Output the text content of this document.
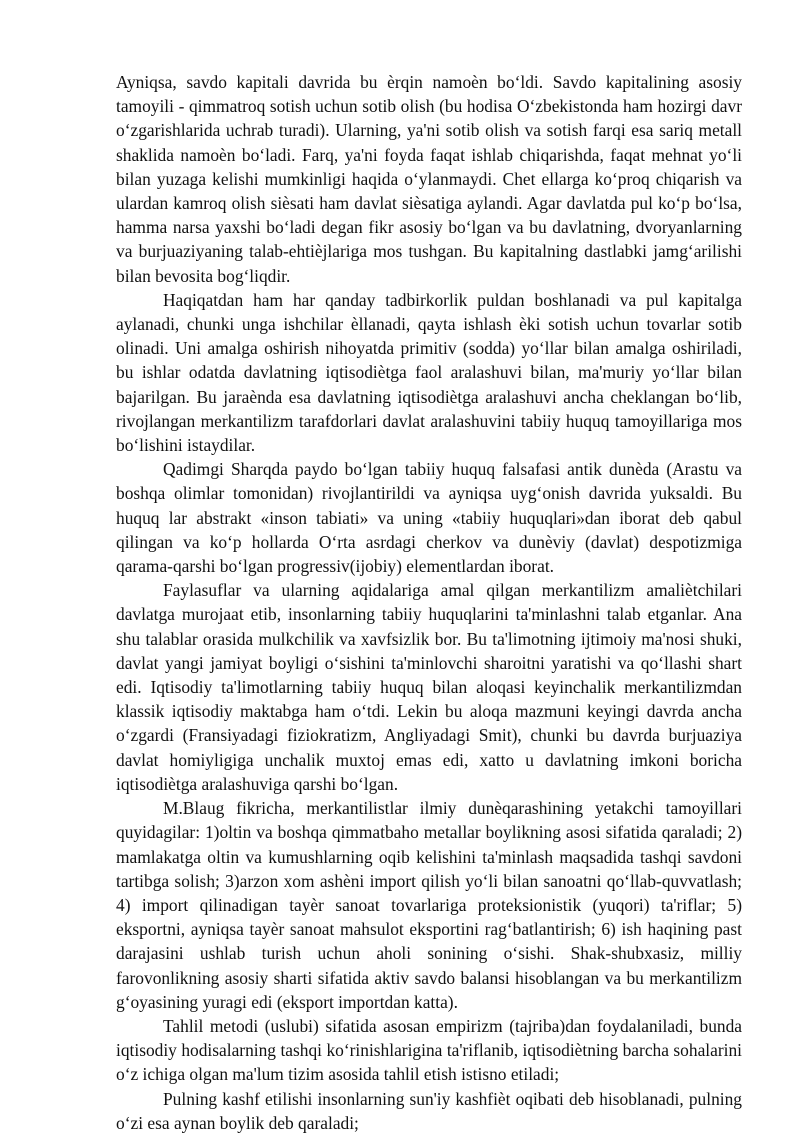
Ayniqsa, savdo kapitali davrida bu èrqin namoèn bo‘ldi. Savdo kapitalining asosiy tamoyili - qimmatroq sotish uchun sotib olish (bu hodisa O‘zbekistonda ham hozirgi davr o‘zgarishlarida uchrab turadi). Ularning, ya'ni sotib olish va sotish farqi esa sariq metall shaklida namoèn bo‘ladi. Farq, ya'ni foyda faqat ishlab chiqarishda, faqat mehnat yo‘li bilan yuzaga kelishi mumkinligi haqida o‘ylanmaydi. Chet ellarga ko‘proq chiqarish va ulardan kamroq olish sièsati ham davlat sièsatiga aylandi. Agar davlatda pul ko‘p bo‘lsa, hamma narsa yaxshi bo‘ladi degan fikr asosiy bo‘lgan va bu davlatning, dvoryanlarning va burjuaziyaning talab-ehtièjlariga mos tushgan. Bu kapitalning dastlabki jamg‘arilishi bilan bevosita bog‘liqdir.

Haqiqatdan ham har qanday tadbirkorlik puldan boshlanadi va pul kapitalga aylanadi, chunki unga ishchilar èllanadi, qayta ishlash èki sotish uchun tovarlar sotib olinadi. Uni amalga oshirish nihoyatda primitiv (sodda) yo‘llar bilan amalga oshiriladi, bu ishlar odatda davlatning iqtisodiètga faol aralashuvi bilan, ma'muriy yo‘llar bilan bajarilgan. Bu jaraènda esa davlatning iqtisodiètga aralashuvi ancha cheklangan bo‘lib, rivojlangan merkantilizm tarafdorlari davlat aralashuvini tabiiy huquq tamoyillariga mos bo‘lishini istaydilar.

Qadimgi Sharqda paydo bo‘lgan tabiiy huquq falsafasi antik dunèda (Arastu va boshqa olimlar tomonidan) rivojlantirildi va ayniqsa uyg‘onish davrida yuksaldi. Bu huquq lar abstrakt «inson tabiati» va uning «tabiiy huquqlari»dan iborat deb qabul qilingan va ko‘p hollarda O‘rta asrdagi cherkov va dunèviy (davlat) despotizmiga qarama-qarshi bo‘lgan progressiv(ijobiy) elementlardan iborat.

Faylasuflar va ularning aqidalariga amal qilgan merkantilizm amaliètchilari davlatga murojaat etib, insonlarning tabiiy huquqlarini ta'minlashni talab etganlar. Ana shu talablar orasida mulkchilik va xavfsizlik bor. Bu ta'limotning ijtimoiy ma'nosi shuki, davlat yangi jamiyat boyligi o‘sishini ta'minlovchi sharoitni yaratishi va qo‘llashi shart edi. Iqtisodiy ta'limotlarning tabiiy huquq bilan aloqasi keyinchalik merkantilizmdan klassik iqtisodiy maktabga ham o‘tdi. Lekin bu aloqa mazmuni keyingi davrda ancha o‘zgardi (Fransiyadagi fiziokratizm, Angliyadagi Smit), chunki bu davrda burjuaziya davlat homiyligiga unchalik muxtoj emas edi, xatto u davlatning imkoni boricha iqtisodiètga aralashuviga qarshi bo‘lgan.

M.Blaug fikricha, merkantilistlar ilmiy dunèqarashining yetakchi tamoyillari quyidagilar: 1)oltin va boshqa qimmatbaho metallar boylikning asosi sifatida qaraladi; 2) mamlakatga oltin va kumushlarning oqib kelishini ta'minlash maqsadida tashqi savdoni tartibga solish; 3)arzon xom ashèni import qilish yo‘li bilan sanoatni qo‘llab-quvvatlash; 4) import qilinadigan tayèr sanoat tovarlariga proteksionistik (yuqori) ta'riflar; 5) eksportni, ayniqsa tayèr sanoat mahsulot eksportini rag‘batlantirish; 6) ish haqining past darajasini ushlab turish uchun aholi sonining o‘sishi. Shak-shubxasiz, milliy farovonlikning asosiy sharti sifatida aktiv savdo balansi hisoblangan va bu merkantilizm g‘oyasining yuragi edi (eksport importdan katta).

Tahlil metodi (uslubi) sifatida asosan empirizm (tajriba)dan foydalaniladi, bunda iqtisodiy hodisalarning tashqi ko‘rinishlarigina ta'riflanib, iqtisodiètning barcha sohalarini o‘z ichiga olgan ma'lum tizim asosida tahlil etish istisno etiladi;

Pulning kashf etilishi insonlarning sun'iy kashfièt oqibati deb hisoblanadi, pulning o‘zi esa aynan boylik deb qaraladi;
